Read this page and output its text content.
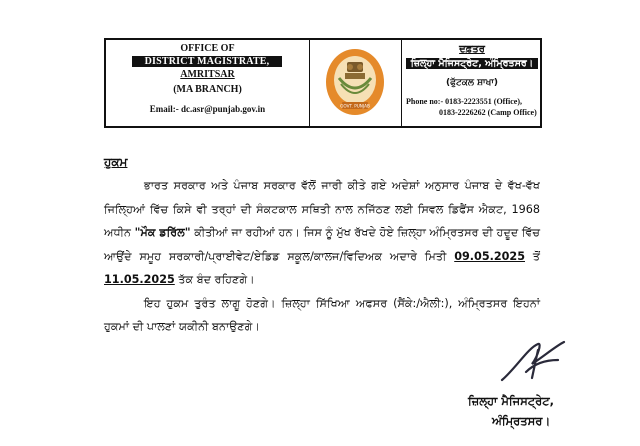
OFFICE OF
DISTRICT MAGISTRATE,
AMRITSAR
(MA BRANCH)
Email:- dc.asr@punjab.gov.in	GOVT. PUNJAB
ਦਫ਼ਤਰ
ਜ਼ਿਲ੍ਹਾ ਮੈਜਿਸਟ੍ਰੇਟ, ਅੰਮ੍ਰਿਤਸਰ।
(ਫੁੱਟਕਲ ਸ਼ਾਖਾ)
Phone no:- 0183-2223551 (Office),
0183-2226262 (Camp Office)
ਹੁਕਮ

ਭਾਰਤ ਸਰਕਾਰ ਅਤੇ ਪੰਜਾਬ ਸਰਕਾਰ ਵੱਲੋਂ ਜਾਰੀ ਕੀਤੇ ਗਏ ਅਦੇਸ਼ਾਂ ਅਨੁਸਾਰ ਪੰਜਾਬ ਦੇ ਵੱਖ-ਵੱਖ ਜਿਲ੍ਹਿਆਂ ਵਿੱਚ ਕਿਸੇ ਵੀ ਤਰ੍ਹਾਂ ਦੀ ਸੰਕਟਕਾਲ ਸਥਿਤੀ ਨਾਲ ਨਜਿੱਠਣ ਲਈ ਸਿਵਲ ਡਿਫੈਂਸ ਐਕਟ, 1968 ਅਧੀਨ "ਮੌਕ ਡਰਿੱਲ" ਕੀਤੀਆਂ ਜਾ ਰਹੀਆਂ ਹਨ। ਜਿਸ ਨੂੰ ਮੁੱਖ ਰੱਖਦੇ ਹੋਏ ਜ਼ਿਲ੍ਹਾ ਅੰਮ੍ਰਿਤਸਰ ਦੀ ਹਦੂਦ ਵਿੱਚ ਆਉਂਦੇ ਸਮੂਹ ਸਰਕਾਰੀ/ਪ੍ਰਾਈਵੇਟ/ਏਡਿਡ ਸਕੂਲ/ਕਾਲਜ/ਵਿਦਿਅਕ ਅਦਾਰੇ ਮਿਤੀ 09.05.2025 ਤੋਂ 11.05.2025 ਤੱਕ ਬੰਦ ਰਹਿਣਗੇ।

ਇਹ ਹੁਕਮ ਤੁਰੰਤ ਲਾਗੂ ਹੋਣਗੇ। ਜ਼ਿਲ੍ਹਾ ਸਿੱਖਿਆ ਅਫਸਰ (ਸੈਂਕੇ:/ਐਲੀ:), ਅੰਮ੍ਰਿਤਸਰ ਇਹਨਾਂ ਹੁਕਮਾਂ ਦੀ ਪਾਲਣਾਂ ਯਕੀਨੀ ਬਨਾਉਣਗੇ।

ਜ਼ਿਲ੍ਹਾ ਮੈਜਿਸਟ੍ਰੇਟ,
ਅੰਮ੍ਰਿਤਸਰ।
